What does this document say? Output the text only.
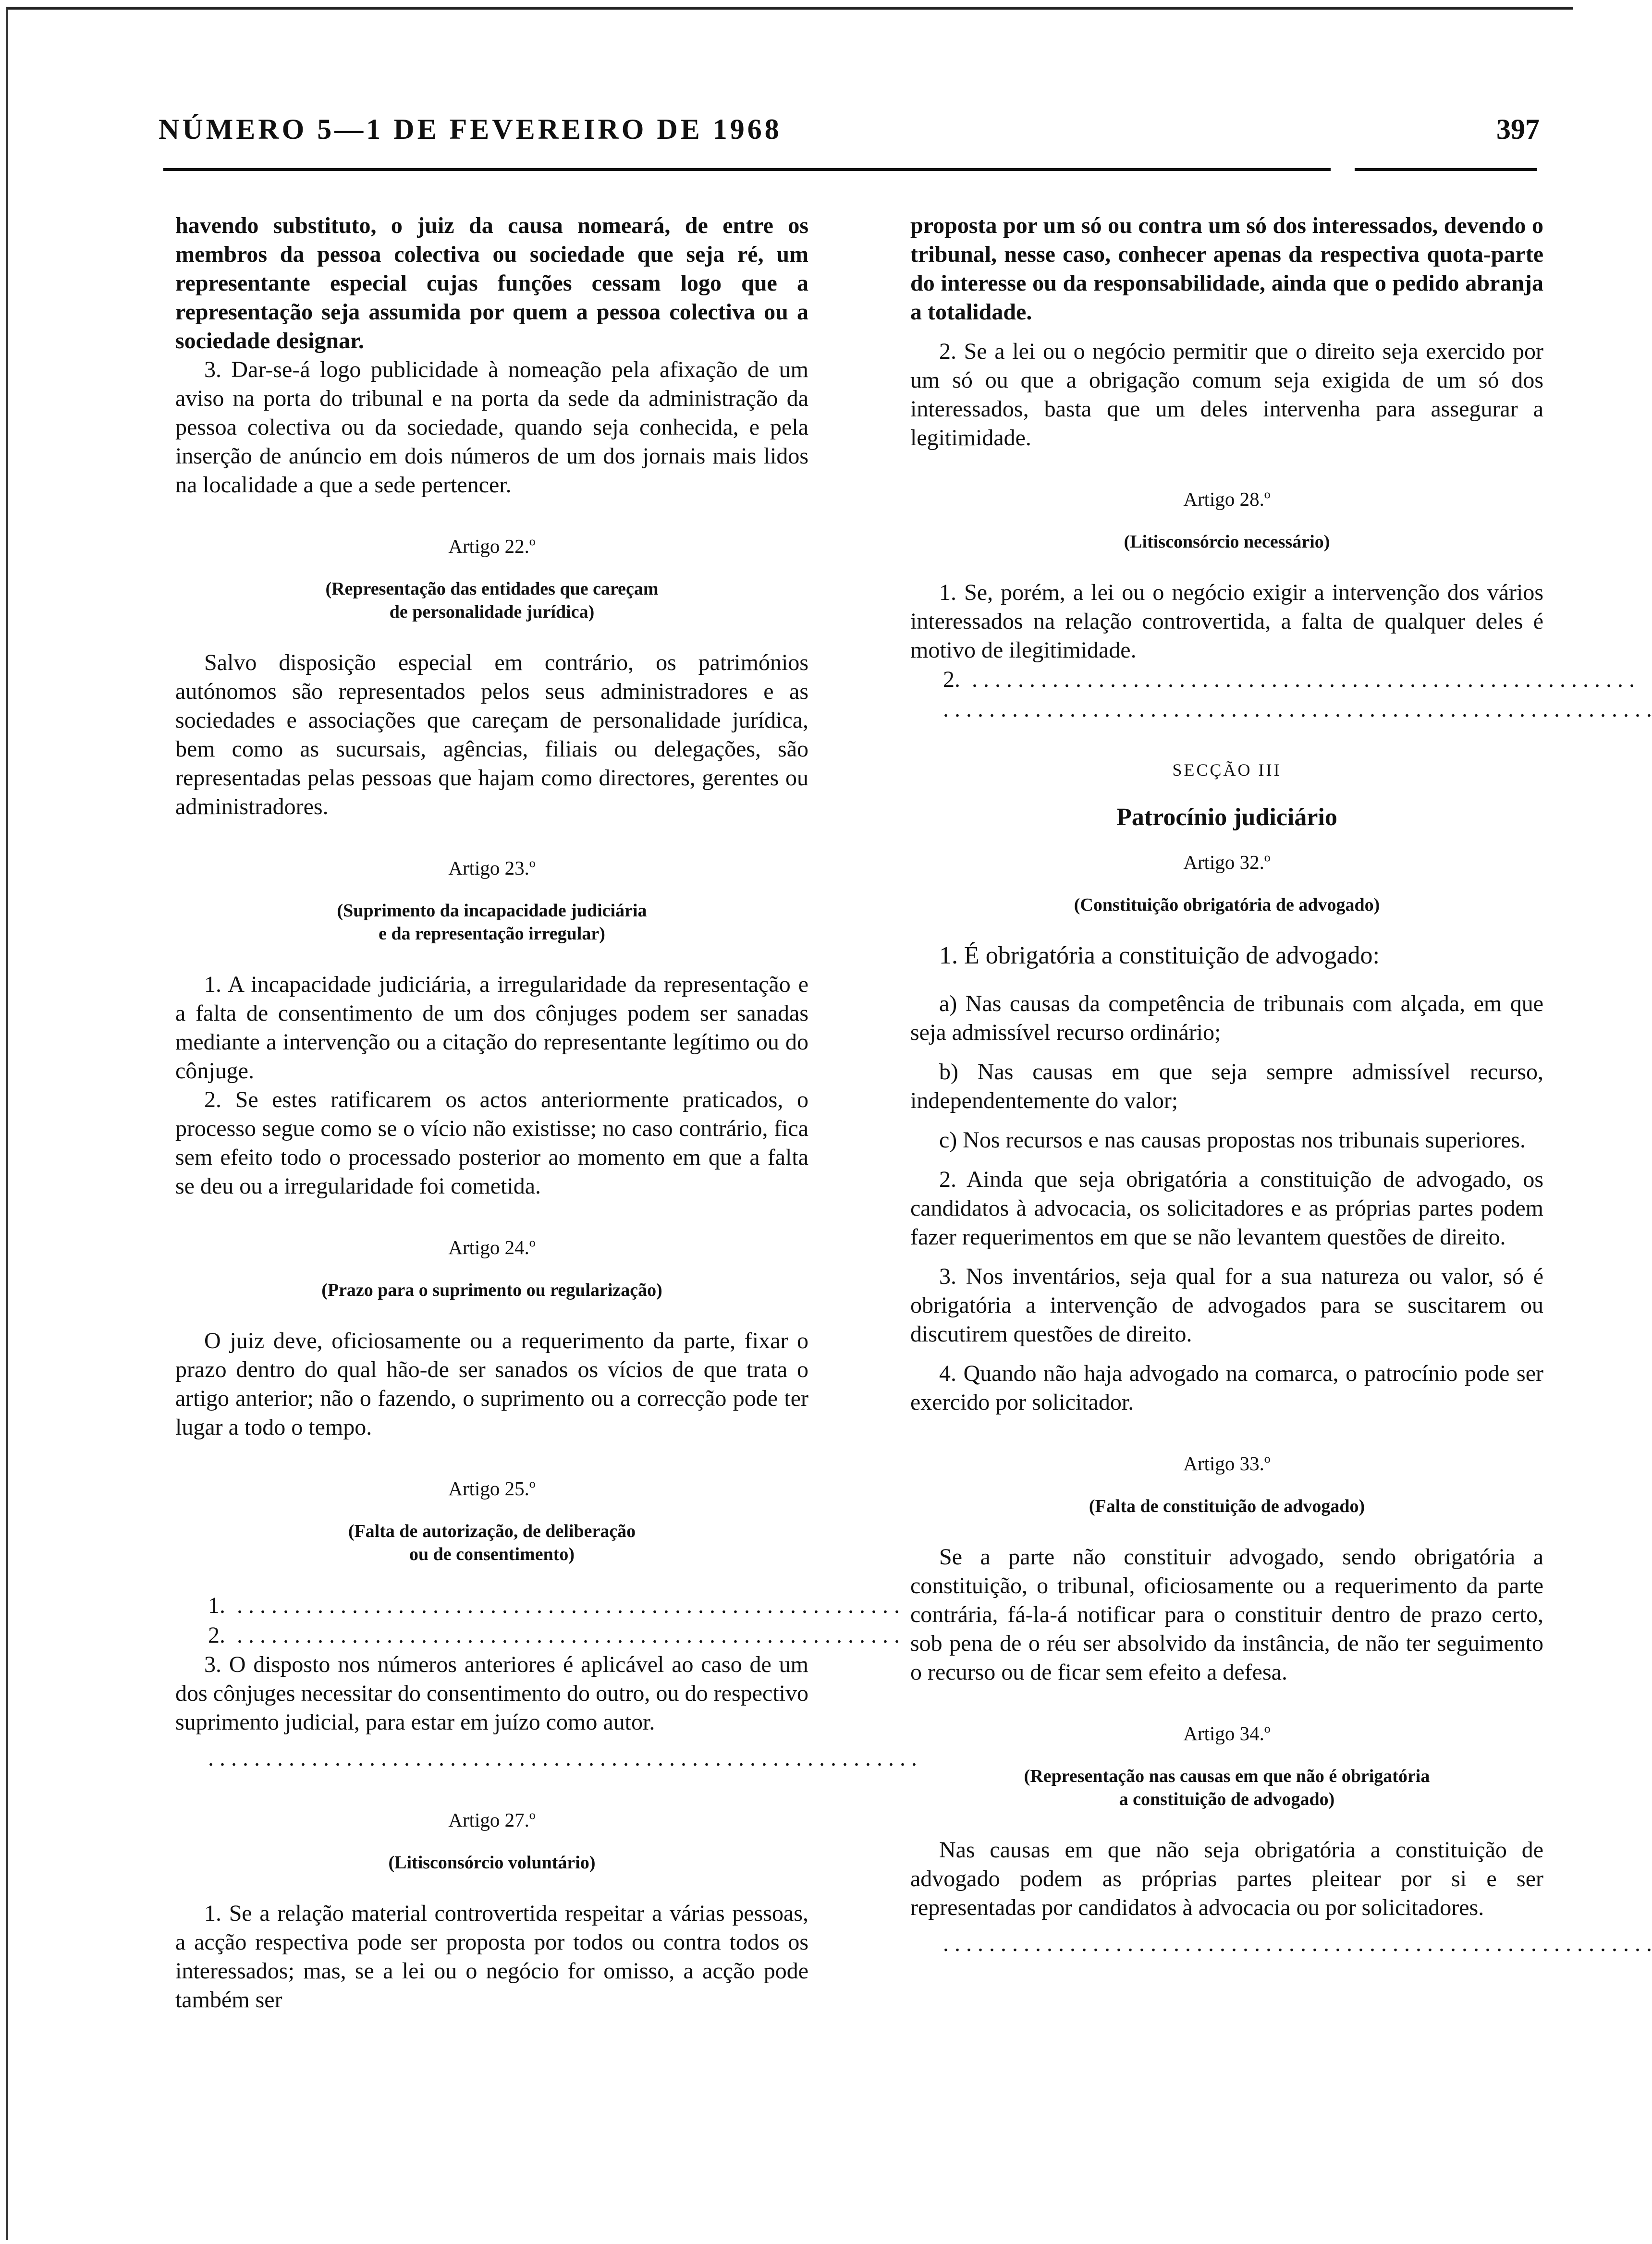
NÚMERO 5—1 DE FEVEREIRO DE 1968	397

havendo substituto, o juiz da causa nomeará, de entre os membros da pessoa colectiva ou sociedade que seja ré, um representante especial cujas funções cessam logo que a representação seja assumida por quem a pessoa colectiva ou a sociedade designar.

3. Dar-se-á logo publicidade à nomeação pela afixação de um aviso na porta do tribunal e na porta da sede da administração da pessoa colectiva ou da sociedade, quando seja conhecida, e pela inserção de anúncio em dois números de um dos jornais mais lidos na localidade a que a sede pertencer.

Artigo 22.º
(Representação das entidades que careçam
de personalidade jurídica)

Salvo disposição especial em contrário, os patrimónios autónomos são representados pelos seus administradores e as sociedades e associações que careçam de personalidade jurídica, bem como as sucursais, agências, filiais ou delegações, são representadas pelas pessoas que hajam como directores, gerentes ou administradores.

Artigo 23.º
(Suprimento da incapacidade judiciária
e da representação irregular)

1. A incapacidade judiciária, a irregularidade da representação e a falta de consentimento de um dos cônjuges podem ser sanadas mediante a intervenção ou a citação do representante legítimo ou do cônjuge.

2. Se estes ratificarem os actos anteriormente praticados, o processo segue como se o vício não existisse; no caso contrário, fica sem efeito todo o processado posterior ao momento em que a falta se deu ou a irregularidade foi cometida.

Artigo 24.º
(Prazo para o suprimento ou regularização)

O juiz deve, oficiosamente ou a requerimento da parte, fixar o prazo dentro do qual hão-de ser sanados os vícios de que trata o artigo anterior; não o fazendo, o suprimento ou a correcção pode ter lugar a todo o tempo.

Artigo 25.º
(Falta de autorização, de deliberação
ou de consentimento)
1. . . . . . . . . . . . . . . . . . . . . . . . . . . . . . . . . . . . . . . . . . . . . . . . . . . . . . . . . . .
2. . . . . . . . . . . . . . . . . . . . . . . . . . . . . . . . . . . . . . . . . . . . . . . . . . . . . . . . . . .

3. O disposto nos números anteriores é aplicável ao caso de um dos cônjuges necessitar do consentimento do outro, ou do respectivo suprimento judicial, para estar em juízo como autor.

. . . . . . . . . . . . . . . . . . . . . . . . . . . . . . . . . . . . . . . . . . . . . . . . . . . . . . . . . . . . . .
Artigo 27.º
(Litisconsórcio voluntário)

1. Se a relação material controvertida respeitar a várias pessoas, a acção respectiva pode ser proposta por todos ou contra todos os interessados; mas, se a lei ou o negócio for omisso, a acção pode também ser

proposta por um só ou contra um só dos interessados, devendo o tribunal, nesse caso, conhecer apenas da respectiva quota-parte do interesse ou da responsabilidade, ainda que o pedido abranja a totalidade.

2. Se a lei ou o negócio permitir que o direito seja exercido por um só ou que a obrigação comum seja exigida de um só dos interessados, basta que um deles intervenha para assegurar a legitimidade.

Artigo 28.º
(Litisconsórcio necessário)

1. Se, porém, a lei ou o negócio exigir a intervenção dos vários interessados na relação controvertida, a falta de qualquer deles é motivo de ilegitimidade.

2. . . . . . . . . . . . . . . . . . . . . . . . . . . . . . . . . . . . . . . . . . . . . . . . . . . . . . . . . . .
. . . . . . . . . . . . . . . . . . . . . . . . . . . . . . . . . . . . . . . . . . . . . . . . . . . . . . . . . . . . . .
SECÇÃO III
Patrocínio judiciário
Artigo 32.º
(Constituição obrigatória de advogado)

1. É obrigatória a constituição de advogado:

a) Nas causas da competência de tribunais com alçada, em que seja admissível recurso ordinário;

b) Nas causas em que seja sempre admissível recurso, independentemente do valor;

c) Nos recursos e nas causas propostas nos tribunais superiores.

2. Ainda que seja obrigatória a constituição de advogado, os candidatos à advocacia, os solicitadores e as próprias partes podem fazer requerimentos em que se não levantem questões de direito.

3. Nos inventários, seja qual for a sua natureza ou valor, só é obrigatória a intervenção de advogados para se suscitarem ou discutirem questões de direito.

4. Quando não haja advogado na comarca, o patrocínio pode ser exercido por solicitador.

Artigo 33.º
(Falta de constituição de advogado)

Se a parte não constituir advogado, sendo obrigatória a constituição, o tribunal, oficiosamente ou a requerimento da parte contrária, fá-la-á notificar para o constituir dentro de prazo certo, sob pena de o réu ser absolvido da instância, de não ter seguimento o recurso ou de ficar sem efeito a defesa.

Artigo 34.º
(Representação nas causas em que não é obrigatória
a constituição de advogado)

Nas causas em que não seja obrigatória a constituição de advogado podem as próprias partes pleitear por si e ser representadas por candidatos à advocacia ou por solicitadores.

. . . . . . . . . . . . . . . . . . . . . . . . . . . . . . . . . . . . . . . . . . . . . . . . . . . . . . . . . . . . . .
